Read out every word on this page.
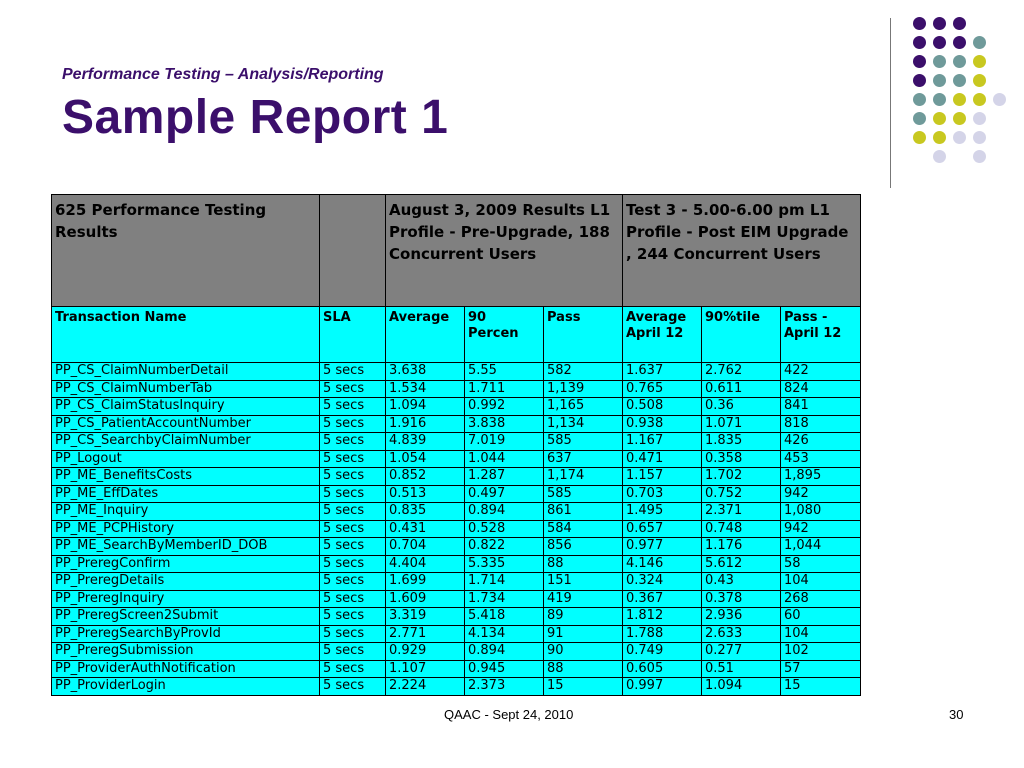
Performance Testing – Analysis/Reporting
Sample Report 1
625 Performance Testing Results		August 3, 2009 Results L1 Profile - Pre-Upgrade, 188 Concurrent Users			Test 3 - 5.00-6.00 pm L1 Profile - Post EIM Upgrade , 244 Concurrent Users		
Transaction Name	SLA	Average	90 Percen	Pass	Average April 12	90%tile	Pass - April 12
PP_CS_ClaimNumberDetail	5 secs	3.638	5.55	582	1.637	2.762	422
PP_CS_ClaimNumberTab	5 secs	1.534	1.711	1,139	0.765	0.611	824
PP_CS_ClaimStatusInquiry	5 secs	1.094	0.992	1,165	0.508	0.36	841
PP_CS_PatientAccountNumber	5 secs	1.916	3.838	1,134	0.938	1.071	818
PP_CS_SearchbyClaimNumber	5 secs	4.839	7.019	585	1.167	1.835	426
PP_Logout	5 secs	1.054	1.044	637	0.471	0.358	453
PP_ME_BenefitsCosts	5 secs	0.852	1.287	1,174	1.157	1.702	1,895
PP_ME_EffDates	5 secs	0.513	0.497	585	0.703	0.752	942
PP_ME_Inquiry	5 secs	0.835	0.894	861	1.495	2.371	1,080
PP_ME_PCPHistory	5 secs	0.431	0.528	584	0.657	0.748	942
PP_ME_SearchByMemberID_DOB	5 secs	0.704	0.822	856	0.977	1.176	1,044
PP_PreregConfirm	5 secs	4.404	5.335	88	4.146	5.612	58
PP_PreregDetails	5 secs	1.699	1.714	151	0.324	0.43	104
PP_PreregInquiry	5 secs	1.609	1.734	419	0.367	0.378	268
PP_PreregScreen2Submit	5 secs	3.319	5.418	89	1.812	2.936	60
PP_PreregSearchByProvId	5 secs	2.771	4.134	91	1.788	2.633	104
PP_PreregSubmission	5 secs	0.929	0.894	90	0.749	0.277	102
PP_ProviderAuthNotification	5 secs	1.107	0.945	88	0.605	0.51	57
PP_ProviderLogin	5 secs	2.224	2.373	15	0.997	1.094	15
QAAC - Sept 24, 2010	30
